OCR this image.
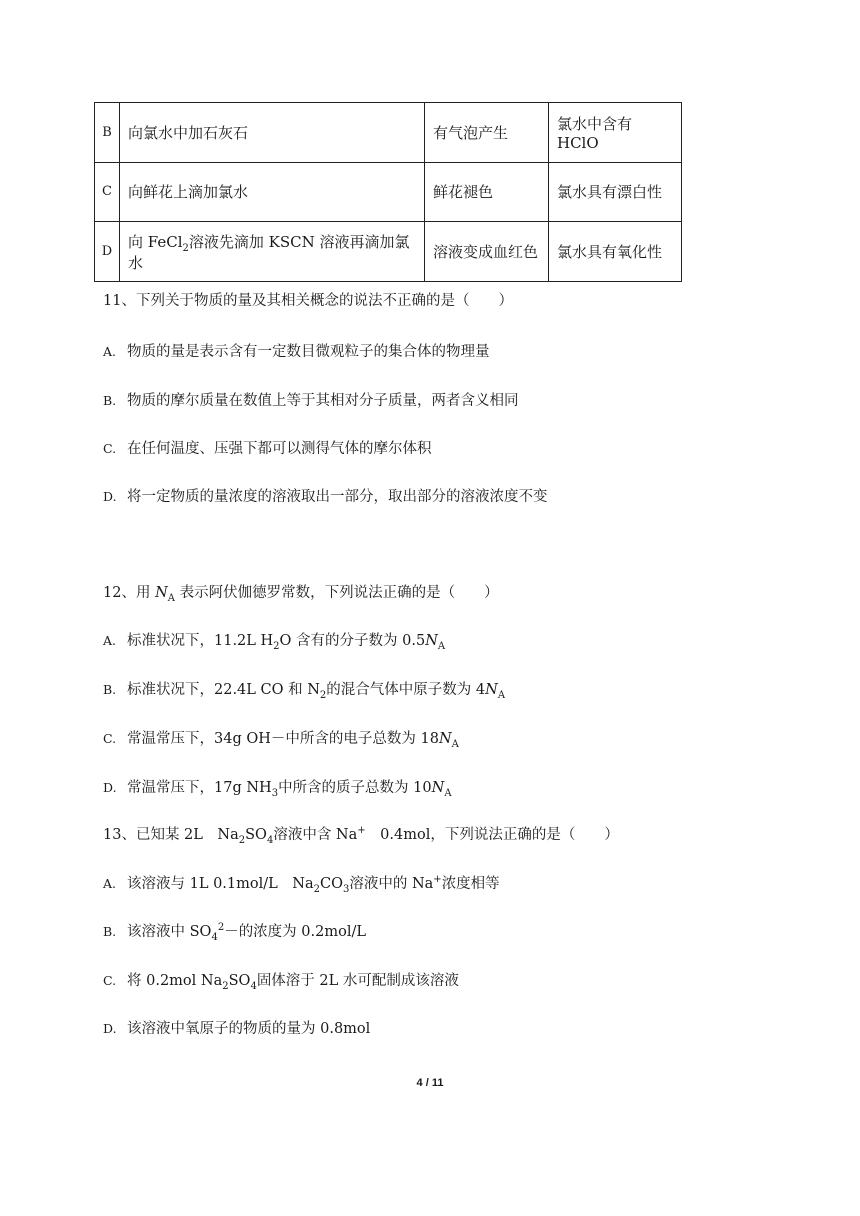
B	向氯水中加石灰石	有气泡产生	氯水中含有 HClO
C	向鲜花上滴加氯水	鲜花褪色	氯水具有漂白性
D	向 FeCl$_2$溶液先滴加 KSCN 溶液再滴加氯水	溶液变成血红色	氯水具有氧化性
11、下列关于物质的量及其相关概念的说法不正确的是（　　）
A. 物质的量是表示含有一定数目微观粒子的集合体的物理量
B. 物质的摩尔质量在数值上等于其相对分子质量，两者含义相同
C. 在任何温度、压强下都可以测得气体的摩尔体积
D. 将一定物质的量浓度的溶液取出一部分，取出部分的溶液浓度不变
12、用 $N_A$ 表示阿伏伽德罗常数，下列说法正确的是（　　）
A. 标准状况下，11.2L $H_2O$ 含有的分子数为 $0.5N_A$
B. 标准状况下，22.4L CO 和 $N_2$的混合气体中原子数为 $4N_A$
C. 常温常压下，34g OH－中所含的电子总数为 $18N_A$
D. 常温常压下，17g $NH_3$中所含的质子总数为 $10N_A$
13、已知某 2L　$Na_2SO_4$溶液中含 Na+　0.4mol，下列说法正确的是（　　）
A. 该溶液与 1L 0.1mol/L　$Na_2CO_3$溶液中的 Na+浓度相等
B. 该溶液中 $SO_4^2-$的浓度为 0.2mol/L
C. 将 0.2mol $Na_2SO_4$固体溶于 2L 水可配制成该溶液
D. 该溶液中氧原子的物质的量为 0.8mol
4 / 11
